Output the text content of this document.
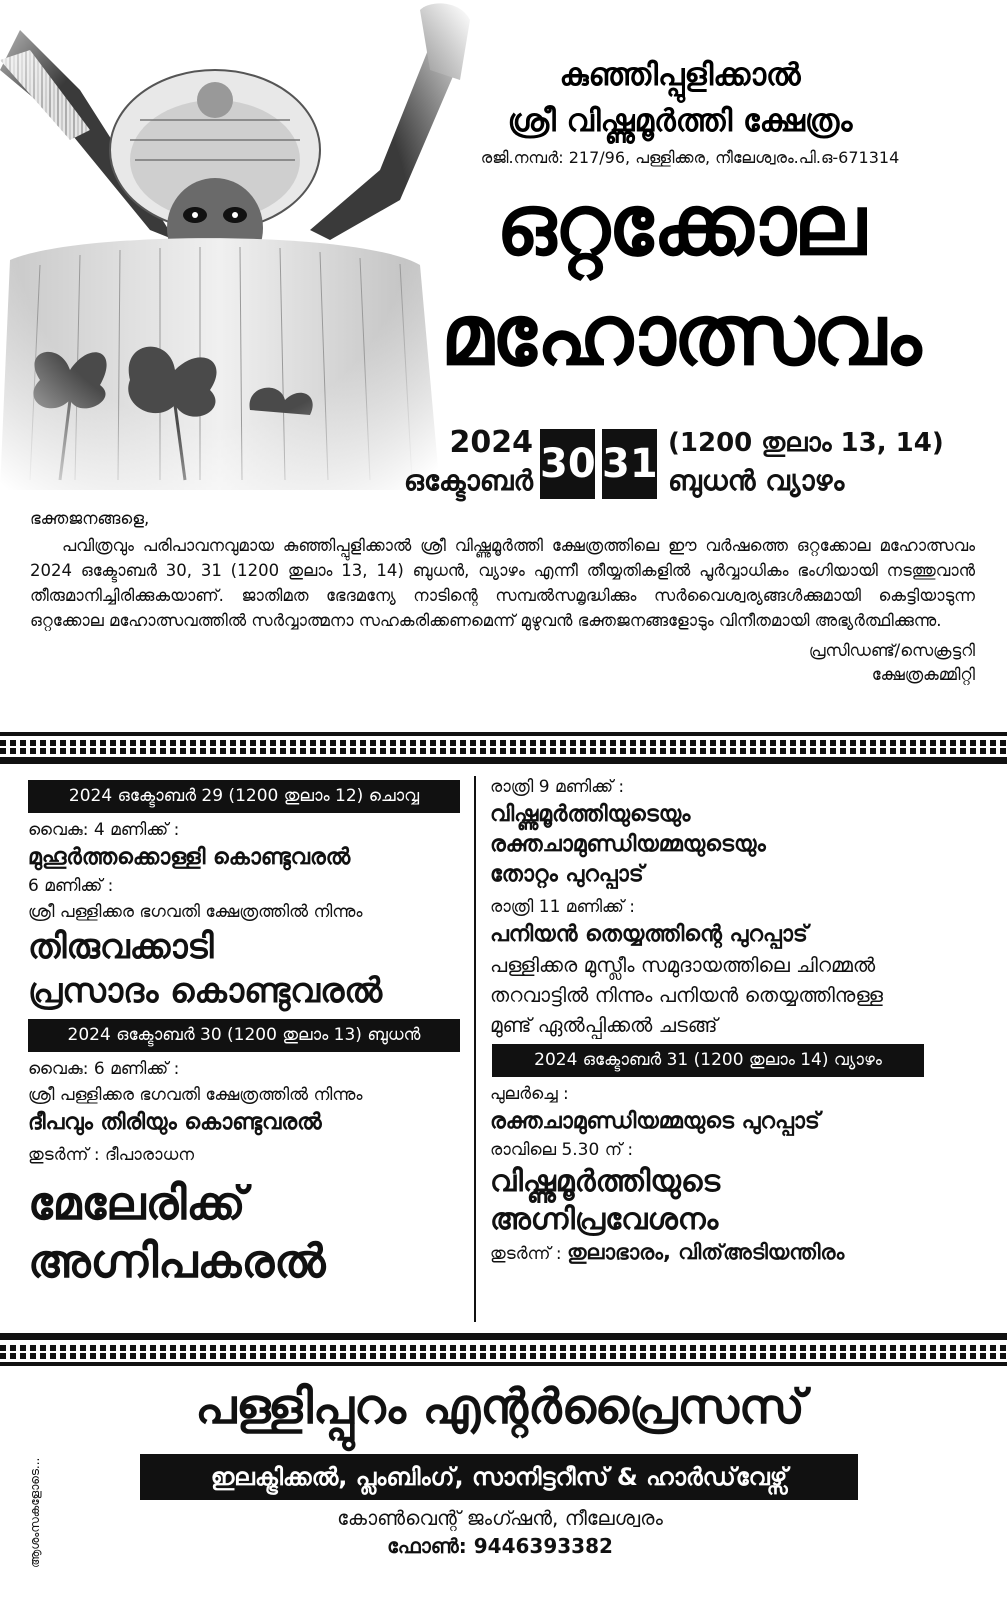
കുഞ്ഞിപ്പുളിക്കാൽ
ശ്രീ വിഷ്ണുമൂർത്തി ക്ഷേത്രം
രജി.നമ്പർ: 217/96, പള്ളിക്കര, നീലേശ്വരം.പി.ഒ-671314
ഒറ്റക്കോല
മഹോത്സവം
2024
ഒക്ടോബർ 30 31 (1200 തുലാം 13, 14)
ബുധൻ വ്യാഴം

ഭക്തജനങ്ങളെ,

പവിത്രവും പരിപാവനവുമായ കുഞ്ഞിപ്പുളിക്കാൽ ശ്രീ വിഷ്ണുമൂർത്തി ക്ഷേത്രത്തിലെ ഈ വർഷത്തെ ഒറ്റക്കോല മഹോത്സവം 2024 ഒക്ടോബർ 30, 31 (1200 തുലാം 13, 14) ബുധൻ, വ്യാഴം എന്നീ തീയ്യതികളിൽ പൂർവ്വാധികം ഭംഗിയായി നടത്തുവാൻ തീരുമാനിച്ചിരിക്കുകയാണ്. ജാതിമത ഭേദമന്യേ നാടിന്റെ സമ്പൽസമൃദ്ധിക്കും സർവൈശ്വര്യങ്ങൾക്കുമായി കെട്ടിയാടുന്ന ഒറ്റക്കോല മഹോത്സവത്തിൽ സർവ്വാത്മനാ സഹകരിക്കണമെന്ന് മുഴുവൻ ഭക്തജനങ്ങളോടും വിനീതമായി അഭ്യർത്ഥിക്കുന്നു.

പ്രസിഡണ്ട്/സെക്രട്ടറി
ക്ഷേത്രകമ്മിറ്റി
2024 ഒക്ടോബർ 29 (1200 തുലാം 12) ചൊവ്വ
വൈകു: 4 മണിക്ക് :
മുഹൂർത്തക്കൊള്ളി കൊണ്ടുവരൽ
6 മണിക്ക് :
ശ്രീ പള്ളിക്കര ഭഗവതി ക്ഷേത്രത്തിൽ നിന്നും
തിരുവക്കാടി
പ്രസാദം കൊണ്ടുവരൽ
2024 ഒക്ടോബർ 30 (1200 തുലാം 13) ബുധൻ
വൈകു: 6 മണിക്ക് :
ശ്രീ പള്ളിക്കര ഭഗവതി ക്ഷേത്രത്തിൽ നിന്നും
ദീപവും തിരിയും കൊണ്ടുവരൽ
തുടർന്ന് : ദീപാരാധന
മേലേരിക്ക്
അഗ്നിപകരൽ
രാത്രി 9 മണിക്ക് :
വിഷ്ണുമൂർത്തിയുടെയും
രക്തചാമുണ്ഡിയമ്മയുടെയും
തോറ്റം പുറപ്പാട്
രാത്രി 11 മണിക്ക് :
പനിയൻ തെയ്യത്തിന്റെ പുറപ്പാട്
പള്ളിക്കര മുസ്ലീം സമുദായത്തിലെ ചിറമ്മൽ
തറവാട്ടിൽ നിന്നും പനിയൻ തെയ്യത്തിനുള്ള
മുണ്ട് ഏൽപ്പിക്കൽ ചടങ്ങ്
2024 ഒക്ടോബർ 31 (1200 തുലാം 14) വ്യാഴം
പുലർച്ചെ :
രക്തചാമുണ്ഡിയമ്മയുടെ പുറപ്പാട്
രാവിലെ 5.30 ന് :
വിഷ്ണുമൂർത്തിയുടെ
അഗ്നിപ്രവേശനം
തുടർന്ന് : തുലാഭാരം, വിത്അടിയന്തിരം
ആശംസകളോടെ...
പള്ളിപ്പുറം എന്റർപ്രൈസസ്
ഇലക്ട്രിക്കൽ, പ്ലംബിംഗ്, സാനിട്ടറീസ് & ഹാർഡ്‌വേഴ്സ്
കോൺവെന്റ് ജംഗ്ഷൻ, നീലേശ്വരം
ഫോൺ: 9446393382
